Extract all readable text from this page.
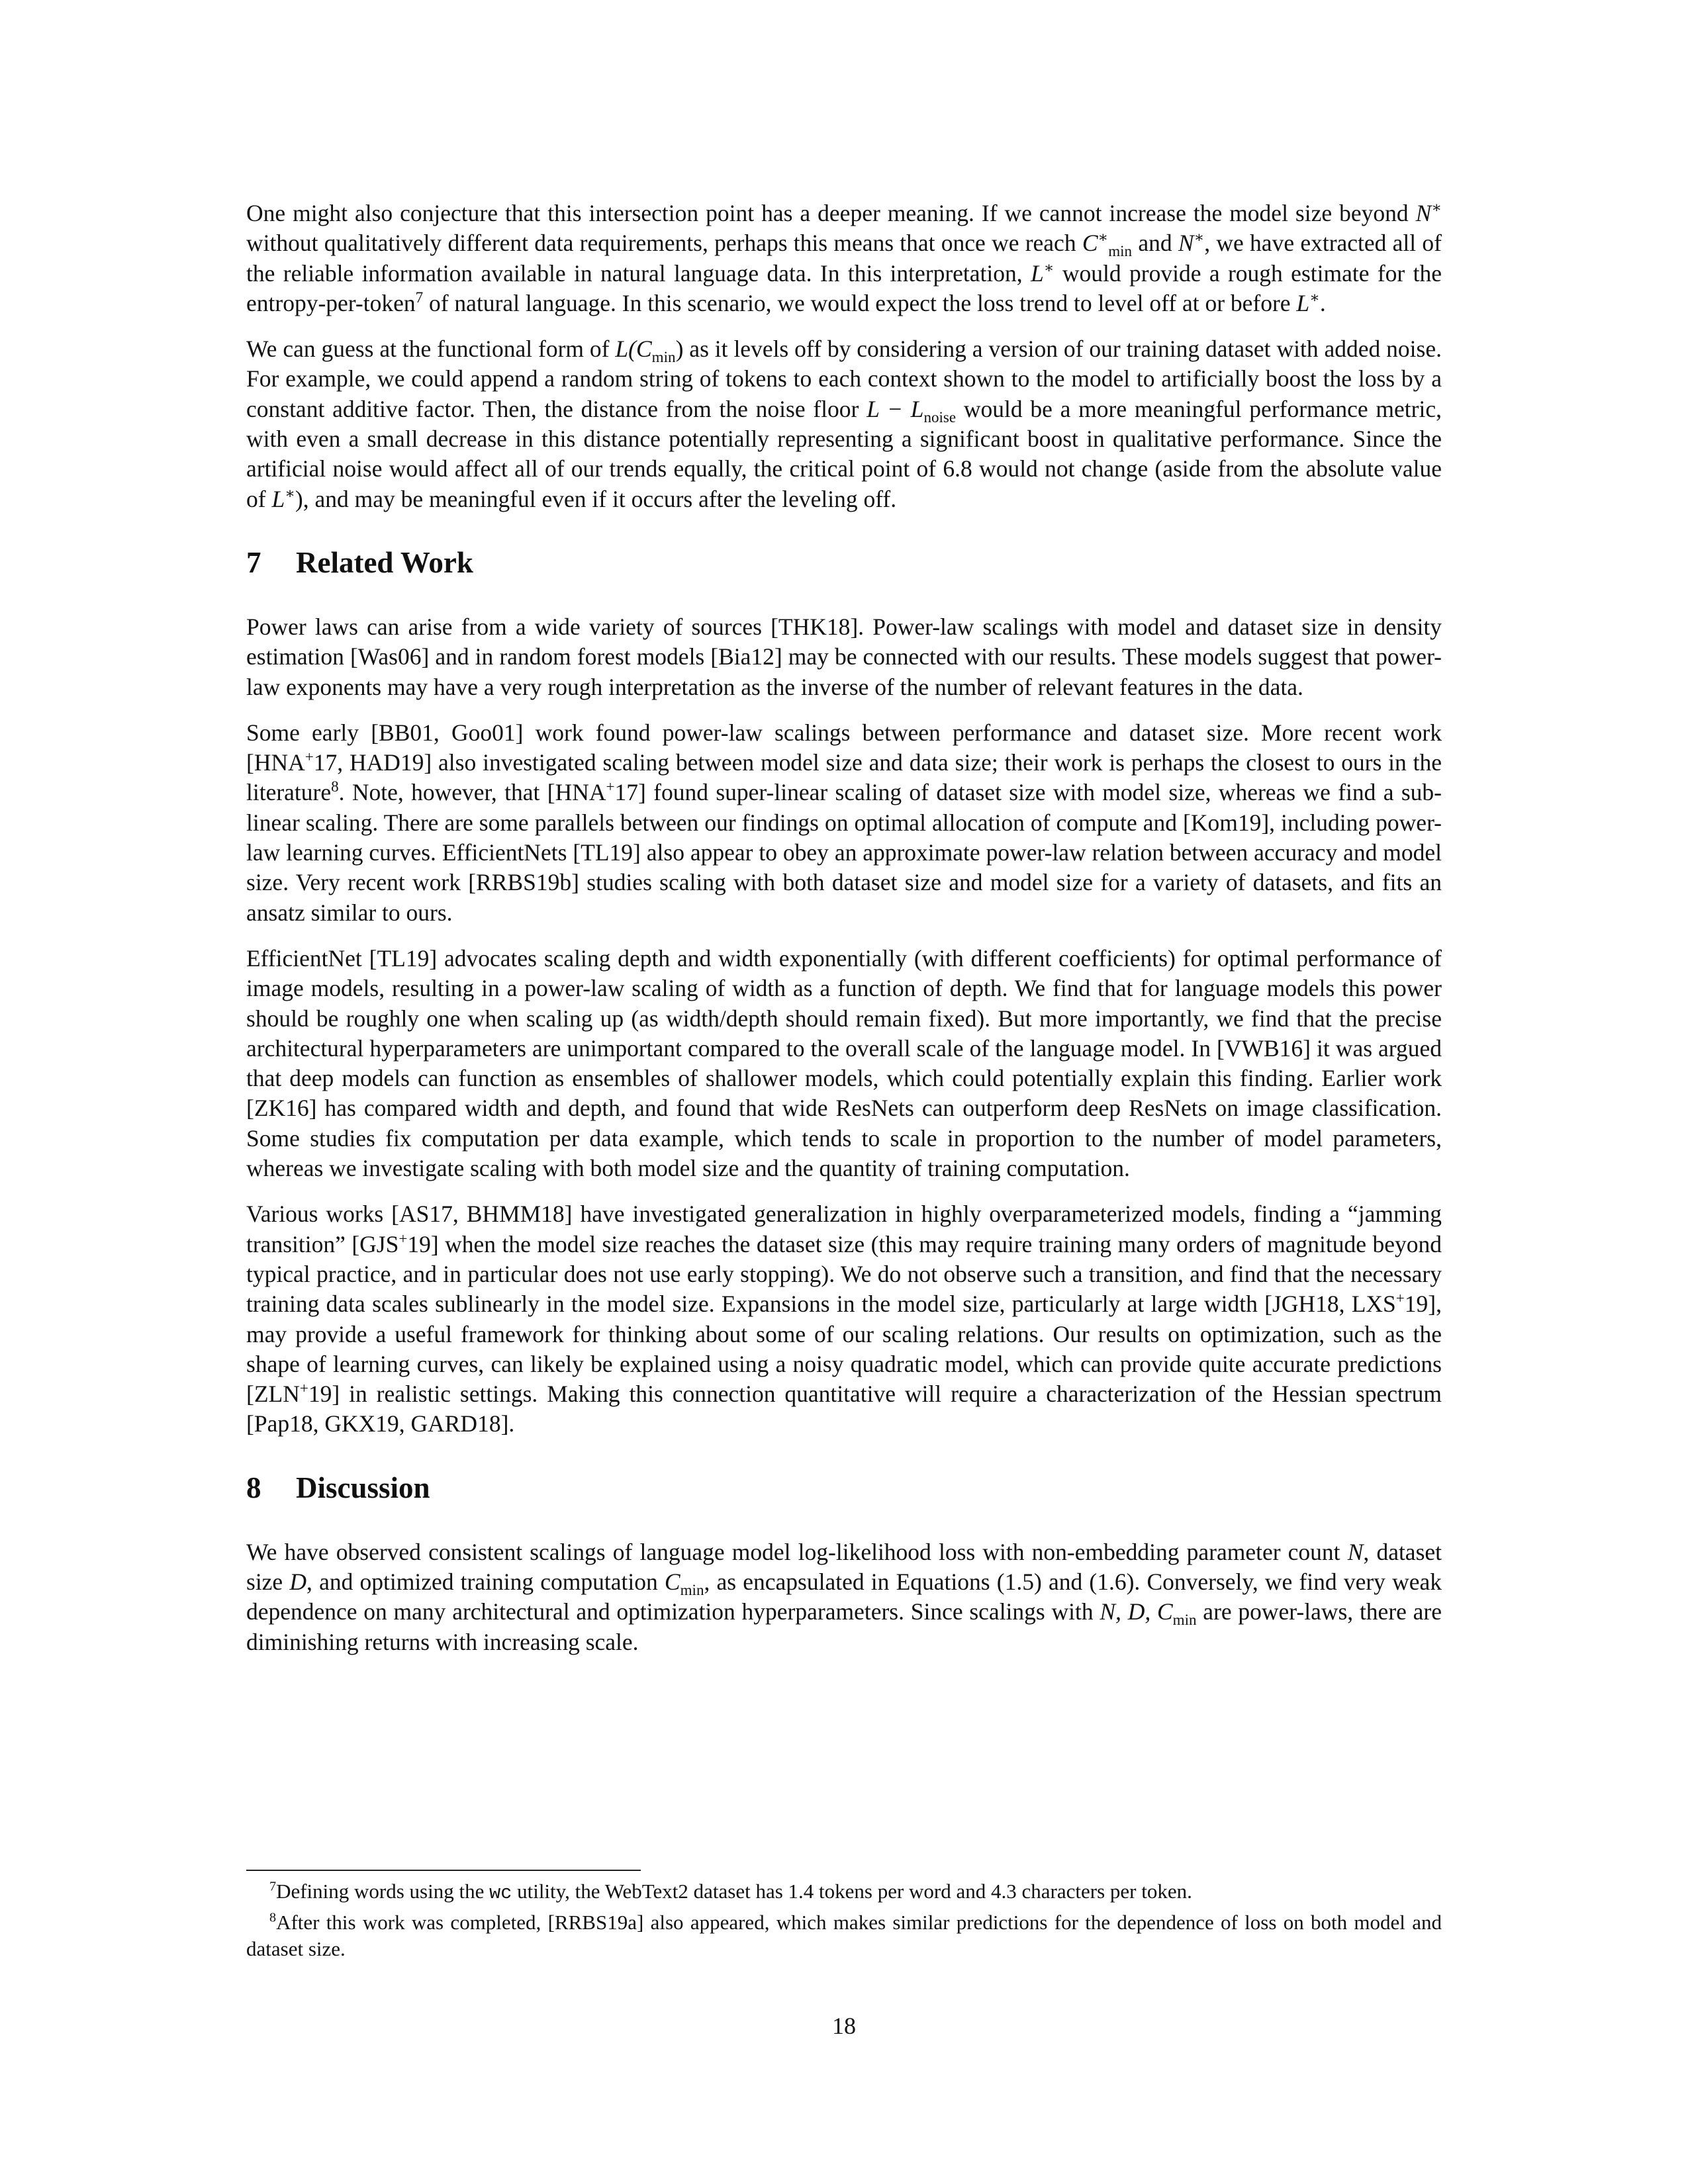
One might also conjecture that this intersection point has a deeper meaning. If we cannot increase the model size beyond N∗ without qualitatively different data requirements, perhaps this means that once we reach $C^∗_{min}$ and N∗, we have extracted all of the reliable information available in natural language data. In this interpretation, L∗ would provide a rough estimate for the entropy-per-token$^7$ of natural language. In this scenario, we would expect the loss trend to level off at or before L∗.

We can guess at the functional form of $L(C_{min})$ as it levels off by considering a version of our training dataset with added noise. For example, we could append a random string of tokens to each context shown to the model to artificially boost the loss by a constant additive factor. Then, the distance from the noise floor $L - L_{noise}$ would be a more meaningful performance metric, with even a small decrease in this distance potentially representing a significant boost in qualitative performance. Since the artificial noise would affect all of our trends equally, the critical point of 6.8 would not change (aside from the absolute value of L∗), and may be meaningful even if it occurs after the leveling off.

7 Related Work

Power laws can arise from a wide variety of sources [THK18]. Power-law scalings with model and dataset size in density estimation [Was06] and in random forest models [Bia12] may be connected with our results. These models suggest that power-law exponents may have a very rough interpretation as the inverse of the number of relevant features in the data.

Some early [BB01, Goo01] work found power-law scalings between performance and dataset size. More recent work [HNA+17, HAD19] also investigated scaling between model size and data size; their work is perhaps the closest to ours in the literature$^8$. Note, however, that [HNA+17] found super-linear scaling of dataset size with model size, whereas we find a sub-linear scaling. There are some parallels between our findings on optimal allocation of compute and [Kom19], including power-law learning curves. EfficientNets [TL19] also appear to obey an approximate power-law relation between accuracy and model size. Very recent work [RRBS19b] studies scaling with both dataset size and model size for a variety of datasets, and fits an ansatz similar to ours.

EfficientNet [TL19] advocates scaling depth and width exponentially (with different coefficients) for optimal performance of image models, resulting in a power-law scaling of width as a function of depth. We find that for language models this power should be roughly one when scaling up (as width/depth should remain fixed). But more importantly, we find that the precise architectural hyperparameters are unimportant compared to the overall scale of the language model. In [VWB16] it was argued that deep models can function as ensembles of shallower models, which could potentially explain this finding. Earlier work [ZK16] has compared width and depth, and found that wide ResNets can outperform deep ResNets on image classification. Some studies fix computation per data example, which tends to scale in proportion to the number of model parameters, whereas we investigate scaling with both model size and the quantity of training computation.

Various works [AS17, BHMM18] have investigated generalization in highly overparameterized models, finding a “jamming transition” [GJS+19] when the model size reaches the dataset size (this may require training many orders of magnitude beyond typical practice, and in particular does not use early stopping). We do not observe such a transition, and find that the necessary training data scales sublinearly in the model size. Expansions in the model size, particularly at large width [JGH18, LXS+19], may provide a useful framework for thinking about some of our scaling relations. Our results on optimization, such as the shape of learning curves, can likely be explained using a noisy quadratic model, which can provide quite accurate predictions [ZLN+19] in realistic settings. Making this connection quantitative will require a characterization of the Hessian spectrum [Pap18, GKX19, GARD18].

8 Discussion

We have observed consistent scalings of language model log-likelihood loss with non-embedding parameter count N, dataset size D, and optimized training computation $C_{min}$, as encapsulated in Equations (1.5) and (1.6). Conversely, we find very weak dependence on many architectural and optimization hyperparameters. Since scalings with N, D, $C_{min}$ are power-laws, there are diminishing returns with increasing scale.

$^7$Defining words using the wc utility, the WebText2 dataset has 1.4 tokens per word and 4.3 characters per token.

$^8$After this work was completed, [RRBS19a] also appeared, which makes similar predictions for the dependence of loss on both model and dataset size.

18
